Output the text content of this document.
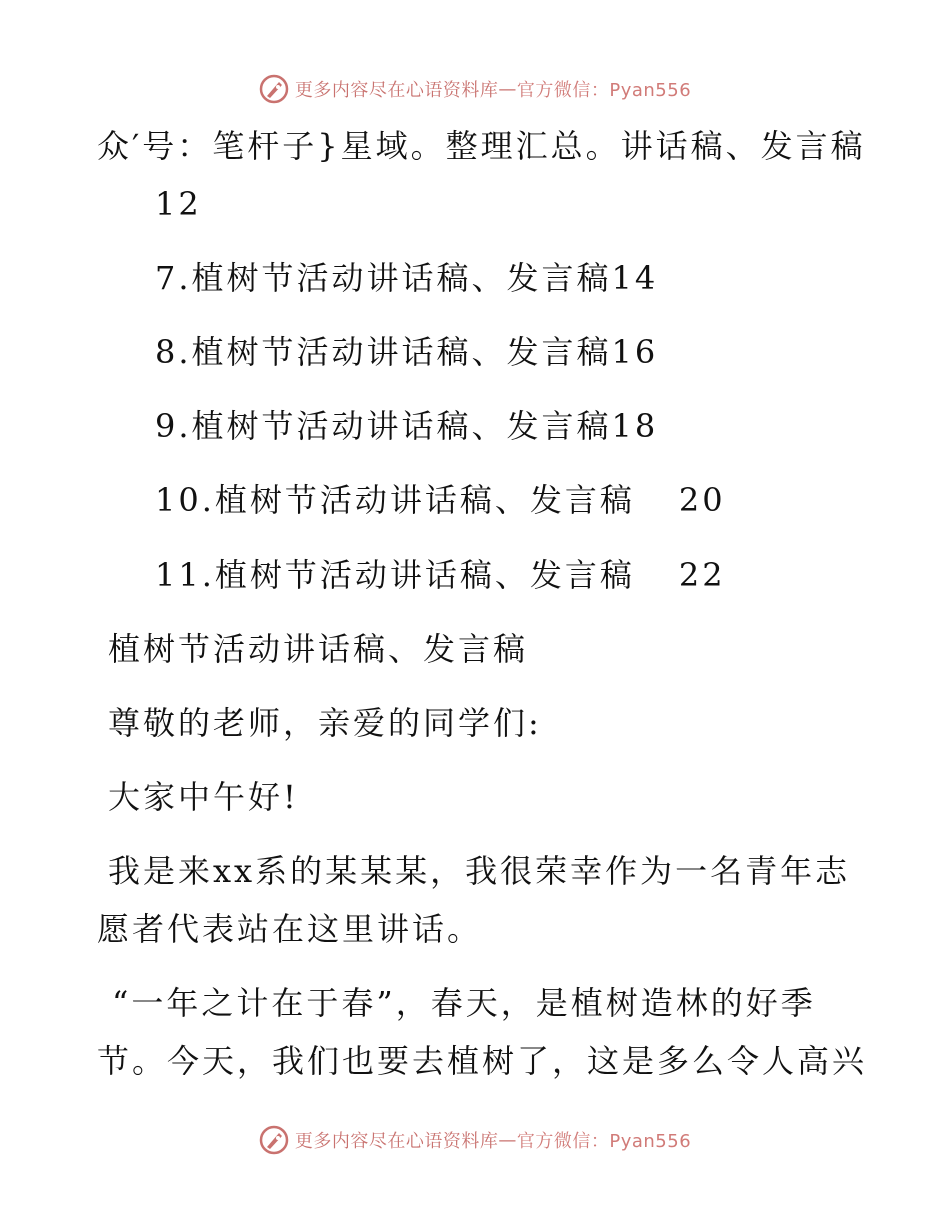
更多内容尽在心语资料库 — 官方微信：Pyan556
众′号：笔杆子}星域。整理汇总。讲话稿、发言稿
12
7.植树节活动讲话稿、发言稿14
8.植树节活动讲话稿、发言稿16
9.植树节活动讲话稿、发言稿18
10.植树节活动讲话稿、发言稿 20
11.植树节活动讲话稿、发言稿 22
植树节活动讲话稿、发言稿
尊敬的老师，亲爱的同学们:
大家中午好!
我是来xx系的某某某，我很荣幸作为一名青年志
愿者代表站在这里讲话。
“一年之计在于春”，春天，是植树造林的好季
节。今天，我们也要去植树了，这是多么令人高兴
更多内容尽在心语资料库 — 官方微信：Pyan556
